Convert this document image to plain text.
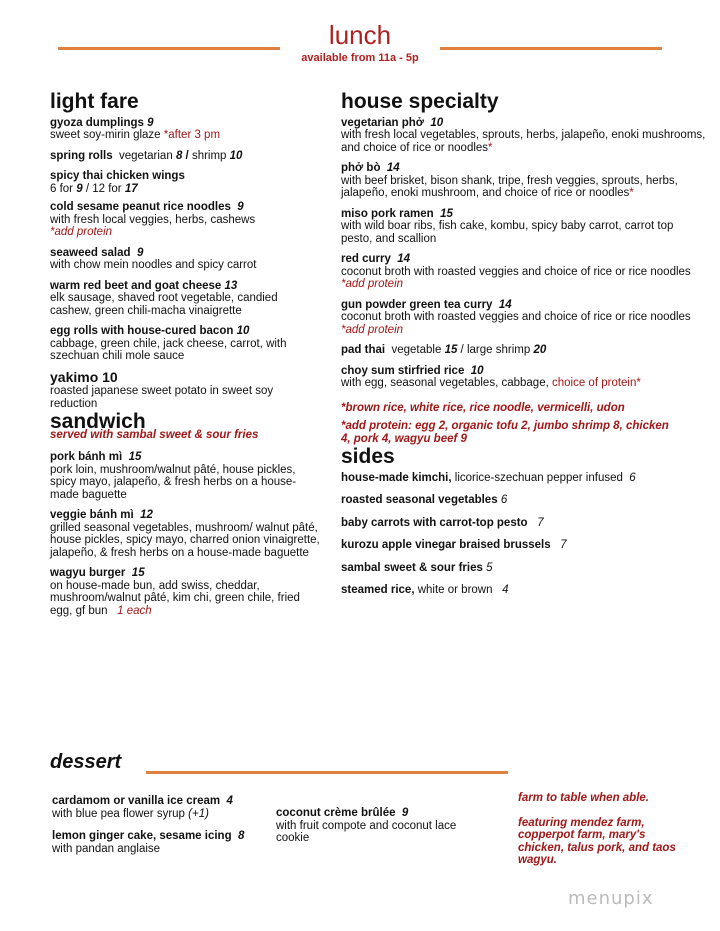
lunch
available from 11a - 5p
light fare
gyoza dumplings 9
sweet soy-mirin glaze *after 3 pm
spring rolls vegetarian 8 / shrimp 10
spicy thai chicken wings
6 for 9 / 12 for 17
cold sesame peanut rice noodles 9
with fresh local veggies, herbs, cashews
*add protein
seaweed salad 9
with chow mein noodles and spicy carrot
warm red beet and goat cheese 13
elk sausage, shaved root vegetable, candied cashew, green chili-macha vinaigrette
egg rolls with house-cured bacon 10
cabbage, green chile, jack cheese, carrot, with szechuan chili mole sauce
yakimo 10
roasted japanese sweet potato in sweet soy reduction
sandwich
served with sambal sweet & sour fries
pork bánh mì 15
pork loin, mushroom/walnut pâté, house pickles, spicy mayo, jalapeño, & fresh herbs on a house-made baguette
veggie bánh mì 12
grilled seasonal vegetables, mushroom/ walnut pâté, house pickles, spicy mayo, charred onion vinaigrette, jalapeño, & fresh herbs on a house-made baguette
wagyu burger 15
on house-made bun, add swiss, cheddar, mushroom/walnut pâté, kim chi, green chile, fried egg, gf bun 1 each
house specialty
vegetarian phở 10
with fresh local vegetables, sprouts, herbs, jalapeño, enoki mushrooms, and choice of rice or noodles*
phở bò 14
with beef brisket, bison shank, tripe, fresh veggies, sprouts, herbs, jalapeño, enoki mushroom, and choice of rice or noodles*
miso pork ramen 15
with wild boar ribs, fish cake, kombu, spicy baby carrot, carrot top pesto, and scallion
red curry 14
coconut broth with roasted veggies and choice of rice or rice noodles  *add protein
gun powder green tea curry 14
coconut broth with roasted veggies and choice of rice or rice noodles  *add protein
pad thai vegetable 15 / large shrimp 20
choy sum stirfried rice 10
with egg, seasonal vegetables, cabbage, choice of protein*
*brown rice, white rice, rice noodle, vermicelli, udon
*add protein: egg 2, organic tofu 2, jumbo shrimp 8, chicken 4, pork 4, wagyu beef 9
sides
house-made kimchi, licorice-szechuan pepper infused 6
roasted seasonal vegetables 6
baby carrots with carrot-top pesto 7
kurozu apple vinegar braised brussels 7
sambal sweet & sour fries 5
steamed rice, white or brown 4
dessert
cardamom or vanilla ice cream 4
with blue pea flower syrup (+1)
lemon ginger cake, sesame icing 8
with pandan anglaise
coconut crème brûlée 9
with fruit compote and coconut lace cookie
farm to table when able.
featuring mendez farm, copperpot farm, mary's chicken, talus pork, and taos wagyu.
menupix
